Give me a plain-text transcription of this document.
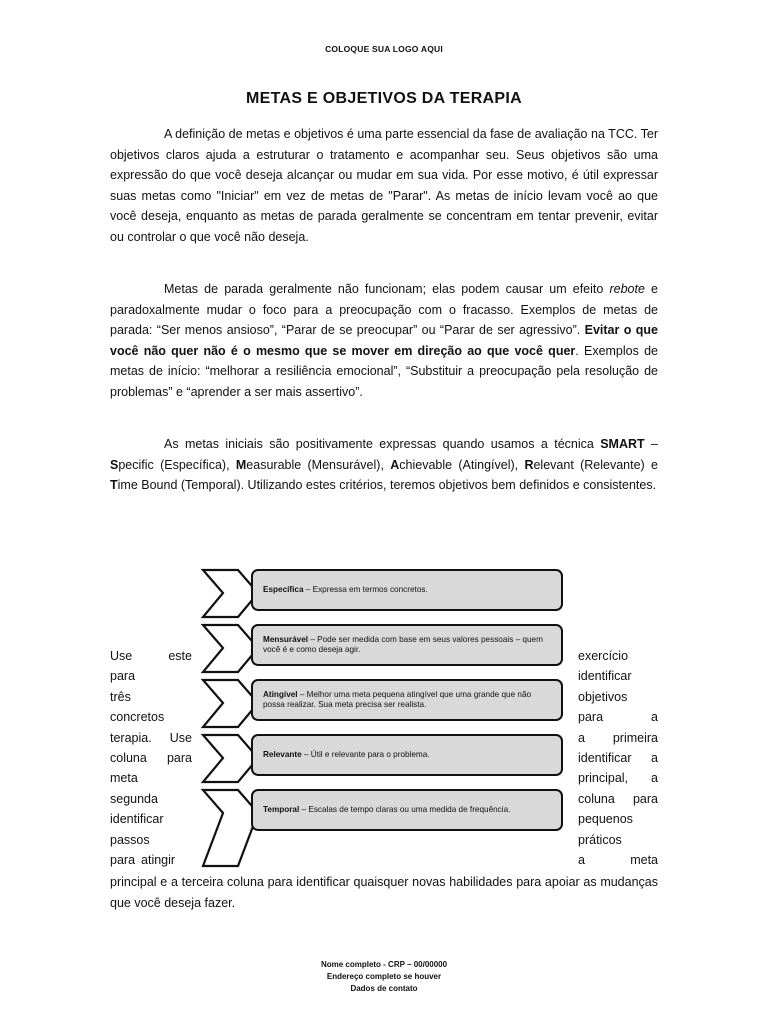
COLOQUE SUA LOGO AQUI
METAS E OBJETIVOS DA TERAPIA

A definição de metas e objetivos é uma parte essencial da fase de avaliação na TCC. Ter objetivos claros ajuda a estruturar o tratamento e acompanhar seu. Seus objetivos são uma expressão do que você deseja alcançar ou mudar em sua vida. Por esse motivo, é útil expressar suas metas como "Iniciar" em vez de metas de "Parar". As metas de início levam você ao que você deseja, enquanto as metas de parada geralmente se concentram em tentar prevenir, evitar ou controlar o que você não deseja.

Metas de parada geralmente não funcionam; elas podem causar um efeito rebote e paradoxalmente mudar o foco para a preocupação com o fracasso. Exemplos de metas de parada: “Ser menos ansioso”, “Parar de se preocupar” ou “Parar de ser agressivo”. Evitar o que você não quer não é o mesmo que se mover em direção ao que você quer. Exemplos de metas de início: “melhorar a resiliência emocional”, “Substituir a preocupação pela resolução de problemas” e “aprender a ser mais assertivo”.

As metas iniciais são positivamente expressas quando usamos a técnica SMART – Specific (Específica), Measurable (Mensurável), Achievable (Atingível), Relevant (Relevante) e Time Bound (Temporal). Utilizando estes critérios, teremos objetivos bem definidos e consistentes.

Use	este
para
três
concretos
terapia. Use
coluna para
meta
segunda
identificar
passos
para atingir
exercício
identificar
objetivos
para	a
a primeira
identificar a
principal, a
coluna para
pequenos
práticos
a	meta

principal e a terceira coluna para identificar quaisquer novas habilidades para apoiar as mudanças que você deseja fazer.

Específica – Expressa em termos concretos.
Mensurável – Pode ser medida com base em seus valores pessoais – quem você é e como deseja agir.
Atingível – Melhor uma meta pequena atingível que uma grande que não possa realizar. Sua meta precisa ser realista.
Relevante – Útil e relevante para o problema.
Temporal – Escalas de tempo claras ou uma medida de frequência.
Nome completo - CRP – 00/00000
Endereço completo se houver
Dados de contato
